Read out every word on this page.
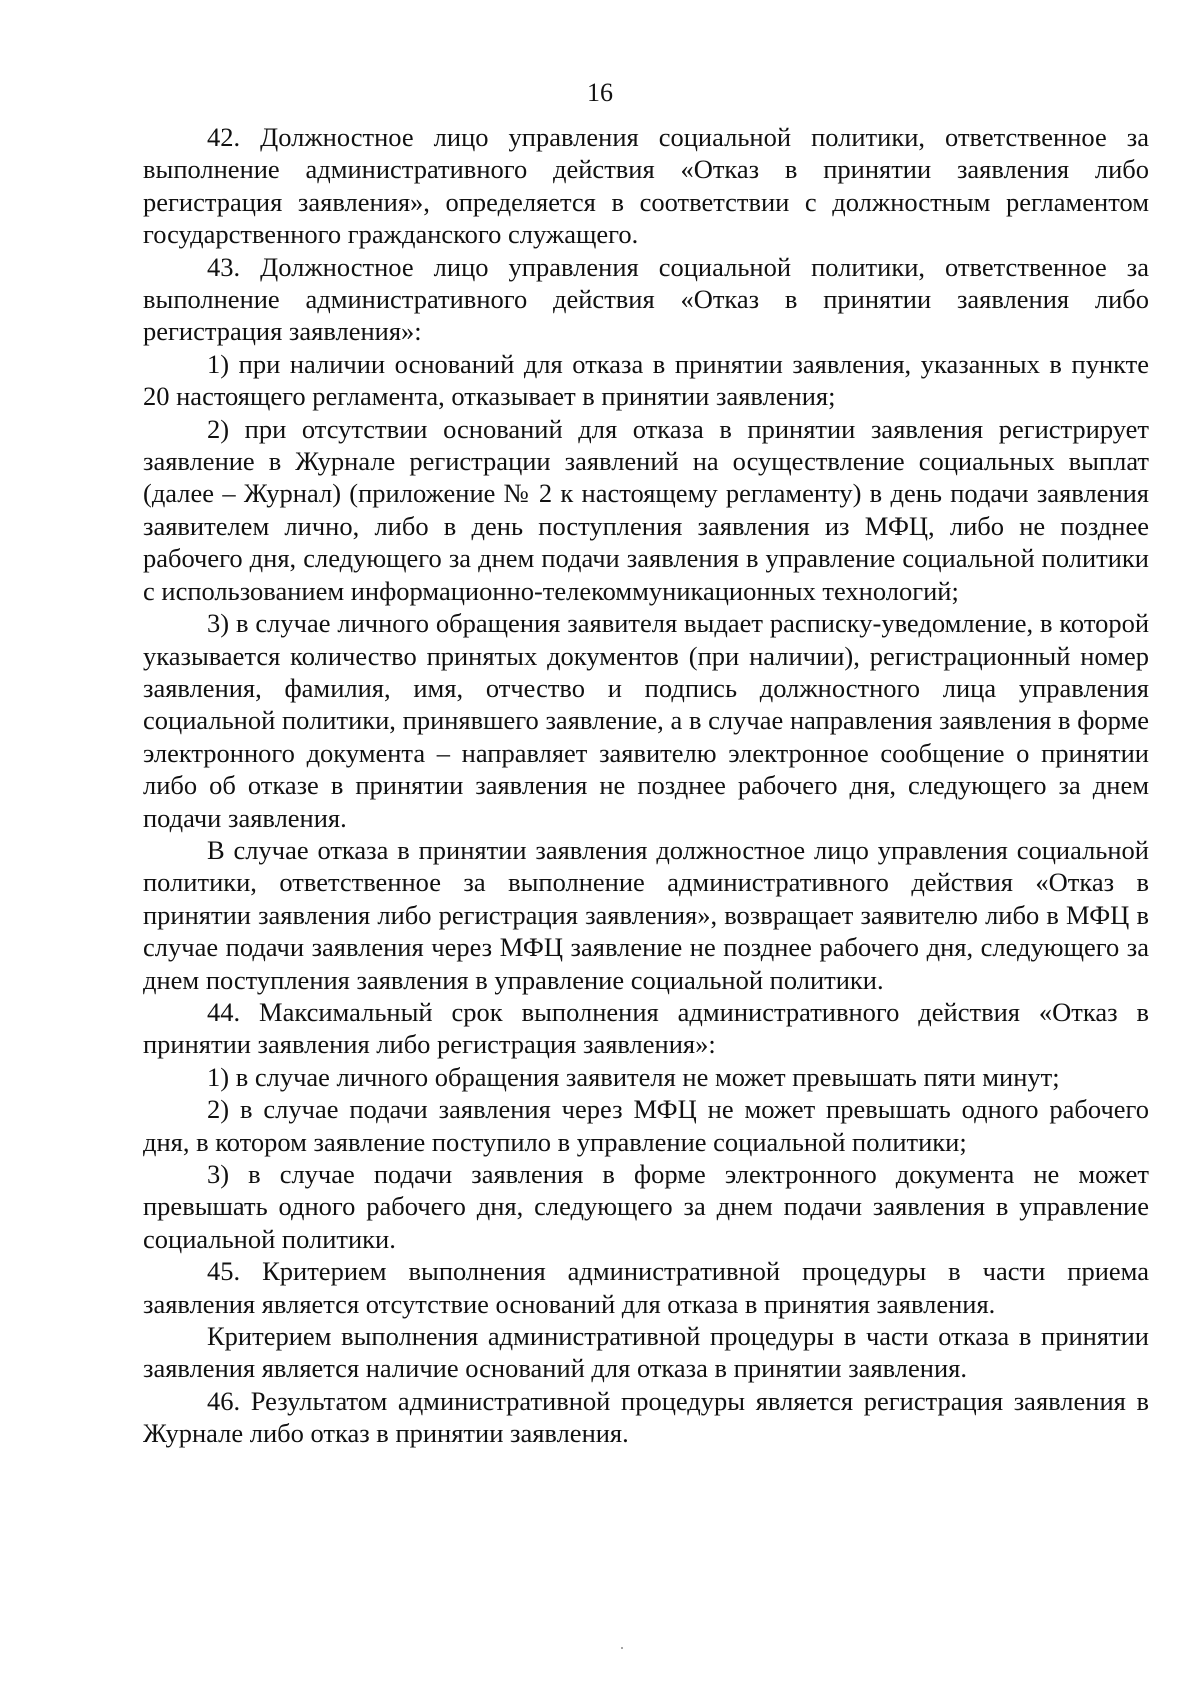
16

42. Должностное лицо управления социальной политики, ответственное за выполнение административного действия «Отказ в принятии заявления либо регистрация заявления», определяется в соответствии с должностным регламентом государственного гражданского служащего.

43. Должностное лицо управления социальной политики, ответственное за выполнение административного действия «Отказ в принятии заявления либо регистрация заявления»:

1) при наличии оснований для отказа в принятии заявления, указанных в пункте 20 настоящего регламента, отказывает в принятии заявления;

2) при отсутствии оснований для отказа в принятии заявления регистрирует заявление в Журнале регистрации заявлений на осуществление социальных выплат (далее – Журнал) (приложение № 2 к настоящему регламенту) в день подачи заявления заявителем лично, либо в день поступления заявления из МФЦ, либо не позднее рабочего дня, следующего за днем подачи заявления в управление социальной политики с использованием информационно-телекоммуникационных технологий;

3) в случае личного обращения заявителя выдает расписку-уведомление, в которой указывается количество принятых документов (при наличии), регистрационный номер заявления, фамилия, имя, отчество и подпись должностного лица управления социальной политики, принявшего заявление, а в случае направления заявления в форме электронного документа – направляет заявителю электронное сообщение о принятии либо об отказе в принятии заявления не позднее рабочего дня, следующего за днем подачи заявления.

В случае отказа в принятии заявления должностное лицо управления социальной политики, ответственное за выполнение административного действия «Отказ в принятии заявления либо регистрация заявления», возвращает заявителю либо в МФЦ в случае подачи заявления через МФЦ заявление не позднее рабочего дня, следующего за днем поступления заявления в управление социальной политики.

44. Максимальный срок выполнения административного действия «Отказ в принятии заявления либо регистрация заявления»:

1) в случае личного обращения заявителя не может превышать пяти минут;

2) в случае подачи заявления через МФЦ не может превышать одного рабочего дня, в котором заявление поступило в управление социальной политики;

3) в случае подачи заявления в форме электронного документа не может превышать одного рабочего дня, следующего за днем подачи заявления в управление социальной политики.

45. Критерием выполнения административной процедуры в части приема заявления является отсутствие оснований для отказа в принятия заявления.

Критерием выполнения административной процедуры в части отказа в принятии заявления является наличие оснований для отказа в принятии заявления.

46. Результатом административной процедуры является регистрация заявления в Журнале либо отказ в принятии заявления.
